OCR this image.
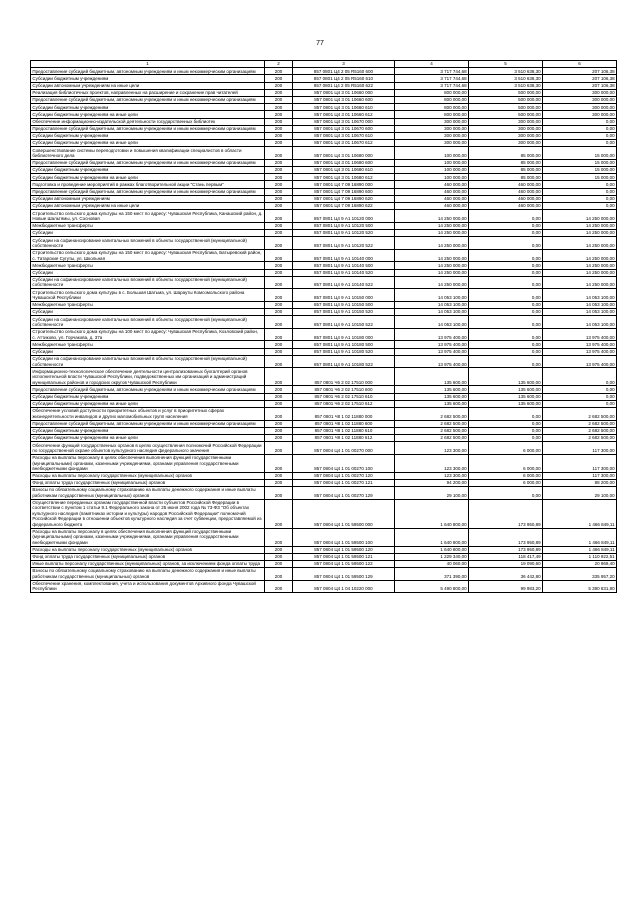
77
1	2	3	4	5	6
Предоставление субсидий бюджетным, автономным учреждениям и иным некоммерческим организациям	200	857 0801 Ц4 2 05 R5160 600	3 717 744,68	3 510 638,30	207 106,38
Субсидии бюджетным учреждениям	200	857 0801 Ц4 2 05 R5160 610	3 717 744,68	3 510 638,30	207 106,38
Субсидии автономным учреждениям на иные цели	200	857 0801 Ц4 2 05 R5160 622	3 717 744,68	3 510 638,30	207 106,38
Реализация библиотечных проектов, направленных на расширение и сохранение прав читателей	200	857 0801 Ц4 3 01 10660 000	800 000,00	500 000,00	300 000,00
Предоставление субсидий бюджетным, автономным учреждениям и иным некоммерческим организациям	200	857 0801 Ц4 3 01 10660 600	800 000,00	500 000,00	300 000,00
Субсидии бюджетным учреждениям	200	857 0801 Ц4 3 01 10660 610	800 000,00	500 000,00	300 000,00
Субсидии бюджетным учреждениям на иные цели	200	857 0801 Ц4 3 01 10660 612	800 000,00	500 000,00	300 000,00
Обеспечение информационно-издательской деятельности государственных библиотек	200	857 0801 Ц4 3 01 10670 000	300 000,00	300 000,00	0,00
Предоставление субсидий бюджетным, автономным учреждениям и иным некоммерческим организациям	200	857 0801 Ц4 3 01 10670 600	300 000,00	300 000,00	0,00
Субсидии бюджетным учреждениям	200	857 0801 Ц4 3 01 10670 610	300 000,00	300 000,00	0,00
Субсидии бюджетным учреждениям на иные цели	200	857 0801 Ц4 3 01 10670 612	300 000,00	300 000,00	0,00
Совершенствование системы переподготовки и повышения квалификации специалистов в области библиотечного дела	200	857 0801 Ц4 3 01 10680 000	100 000,00	85 000,00	15 000,00
Предоставление субсидий бюджетным, автономным учреждениям и иным некоммерческим организациям	200	857 0801 Ц4 3 01 10680 600	100 000,00	85 000,00	15 000,00
Субсидии бюджетным учреждениям	200	857 0801 Ц4 3 01 10680 610	100 000,00	85 000,00	15 000,00
Субсидии бюджетным учреждениям на иные цели	200	857 0801 Ц4 3 01 10680 612	100 000,00	85 000,00	15 000,00
Подготовка и проведение мероприятий в рамках благотворительной акции "Стань первым"	200	857 0801 Ц4 7 09 16890 000	460 000,00	460 000,00	0,00
Предоставление субсидий бюджетным, автономным учреждениям и иным некоммерческим организациям	200	857 0801 Ц4 7 09 16890 600	460 000,00	460 000,00	0,00
Субсидии автономным учреждениям	200	857 0801 Ц4 7 09 16890 620	460 000,00	460 000,00	0,00
Субсидии автономным учреждениям на иные цели	200	857 0801 Ц4 7 09 16890 622	460 000,00	460 000,00	0,00
Строительство сельского дома культуры на 150 мест по адресу: Чувашская Республика, Канашский район, д. Новые Шальтямы, ул. Сосновая	200	857 0801 Ц4 9 A1 10120 000	14 250 000,00	0,00	14 250 000,00
Межбюджетные трансферты	200	857 0801 Ц4 9 A1 10120 500	14 250 000,00	0,00	14 250 000,00
Субсидии	200	857 0801 Ц4 9 A1 10120 520	14 250 000,00	0,00	14 250 000,00
Субсидии на софинансирование капитальных вложений в объекты государственной (муниципальной) собственности	200	857 0801 Ц4 9 A1 10120 522	14 250 000,00	0,00	14 250 000,00
Строительство сельского дома культуры на 150 мест по адресу: Чувашская Республика, Батыревский район, с. Татарские Сугуты, ул. Школьная	200	857 0801 Ц4 9 A1 10140 000	14 250 000,00	0,00	14 250 000,00
Межбюджетные трансферты	200	857 0801 Ц4 9 A1 10140 500	14 250 000,00	0,00	14 250 000,00
Субсидии	200	857 0801 Ц4 9 A1 10140 520	14 250 000,00	0,00	14 250 000,00
Субсидии на софинансирование капитальных вложений в объекты государственной (муниципальной) собственности	200	857 0801 Ц4 9 A1 10140 522	14 250 000,00	0,00	14 250 000,00
Строительство сельского дома культуры в с. Большая Шатьма, ул. Шарауты Комсомольского района Чувашской Республики	200	857 0801 Ц4 9 A1 10150 000	14 053 100,00	0,00	14 053 100,00
Межбюджетные трансферты	200	857 0801 Ц4 9 A1 10150 500	14 053 100,00	0,00	14 053 100,00
Субсидии	200	857 0801 Ц4 9 A1 10150 520	14 053 100,00	0,00	14 053 100,00
Субсидии на софинансирование капитальных вложений в объекты государственной (муниципальной) собственности	200	857 0801 Ц4 9 A1 10150 522	14 053 100,00	0,00	14 053 100,00
Строительство сельского дома культуры на 100 мест по адресу: Чувашская Республика, Козловский район, с. Аттиково, ул. Горчакова, д. 37а	200	857 0801 Ц4 9 A1 10180 000	13 975 400,00	0,00	13 975 400,00
Межбюджетные трансферты	200	857 0801 Ц4 9 A1 10180 500	13 975 400,00	0,00	13 975 400,00
Субсидии	200	857 0801 Ц4 9 A1 10180 520	13 975 400,00	0,00	13 975 400,00
Субсидии на софинансирование капитальных вложений в объекты государственной (муниципальной) собственности	200	857 0801 Ц4 9 A1 10180 522	13 975 400,00	0,00	13 975 400,00
Информационно-технологическое обеспечение деятельности централизованных бухгалтерий органов исполнительной власти Чувашской Республики, подведомственных им организаций и администраций муниципальных районов и городских округов Чувашской Республики	200	857 0801 Ч6 2 02 17510 000	135 600,00	135 600,00	0,00
Предоставление субсидий бюджетным, автономным учреждениям и иным некоммерческим организациям	200	857 0801 Ч6 2 02 17510 600	135 600,00	135 600,00	0,00
Субсидии бюджетным учреждениям	200	857 0801 Ч6 2 02 17510 610	135 600,00	135 600,00	0,00
Субсидии бюджетным учреждениям на иные цели	200	857 0801 Ч6 2 02 17510 612	135 600,00	135 600,00	0,00
Обеспечение условий доступности приоритетных объектов и услуг в приоритетных сферах жизнедеятельности инвалидов и других маломобильных групп населения	200	857 0801 Ч8 1 02 11880 000	2 682 500,00	0,00	2 682 500,00
Предоставление субсидий бюджетным, автономным учреждениям и иным некоммерческим организациям	200	857 0801 Ч8 1 02 11880 600	2 682 500,00	0,00	2 682 500,00
Субсидии бюджетным учреждениям	200	857 0801 Ч8 1 02 11880 610	2 682 500,00	0,00	2 682 500,00
Субсидии бюджетным учреждениям на иные цели	200	857 0801 Ч8 1 02 11880 612	2 682 500,00	0,00	2 682 500,00
Обеспечение функций государственных органов в целях осуществления полномочий Российской Федерации по государственной охране объектов культурного наследия федерального значения	200	857 0804 Ц4 1 01 00270 000	123 300,00	6 000,00	117 300,00
Расходы на выплаты персоналу в целях обеспечения выполнения функций государственными (муниципальными) органами, казенными учреждениями, органами управления государственными внебюджетными фондами	200	857 0804 Ц4 1 01 00270 100	123 300,00	6 000,00	117 300,00
Расходы на выплаты персоналу государственных (муниципальных) органов	200	857 0804 Ц4 1 01 00270 120	123 300,00	6 000,00	117 300,00
Фонд оплаты труда государственных (муниципальных) органов	200	857 0804 Ц4 1 01 00270 121	94 200,00	6 000,00	88 200,00
Взносы по обязательному социальному страхованию на выплаты денежного содержания и иные выплаты работникам государственных (муниципальных) органов	200	857 0804 Ц4 1 01 00270 129	29 100,00	0,00	29 100,00
Осуществление переданных органам государственной власти субъектов Российской Федерации в соответствии с пунктом 1 статьи 9.1 Федерального закона от 25 июня 2002 года № 73-ФЗ "Об объектах культурного наследия (памятниках истории и культуры) народов Российской Федерации" полномочий Российской Федерации в отношении объектов культурного наследия за счет субвенции, предоставляемой из федерального бюджета	200	857 0804 Ц4 1 01 59500 000	1 640 800,00	173 950,89	1 466 849,11
Расходы на выплаты персоналу в целях обеспечения выполнения функций государственными (муниципальными) органами, казенными учреждениями, органами управления государственными внебюджетными фондами	200	857 0804 Ц4 1 01 59500 100	1 640 800,00	173 950,89	1 466 849,11
Расходы на выплаты персоналу государственных (муниципальных) органов	200	857 0804 Ц4 1 01 59500 120	1 640 800,00	173 950,89	1 466 849,11
Фонд оплаты труда государственных (муниципальных) органов	200	857 0804 Ц4 1 01 59500 121	1 229 340,00	118 417,49	1 110 922,51
Иные выплаты персоналу государственных (муниципальных) органов, за исключением фонда оплаты труда	200	857 0804 Ц4 1 01 59500 122	40 060,00	19 090,60	20 969,40
Взносы по обязательному социальному страхованию на выплаты денежного содержания и иные выплаты работникам государственных (муниципальных) органов	200	857 0804 Ц4 1 01 59500 129	371 390,00	36 442,80	335 957,20
Обеспечение хранения, комплектования, учета и использования документов Архивного фонда Чувашской Республики	200	857 0804 Ц4 1 04 10220 000	5 490 800,00	99 983,20	5 390 831,80
